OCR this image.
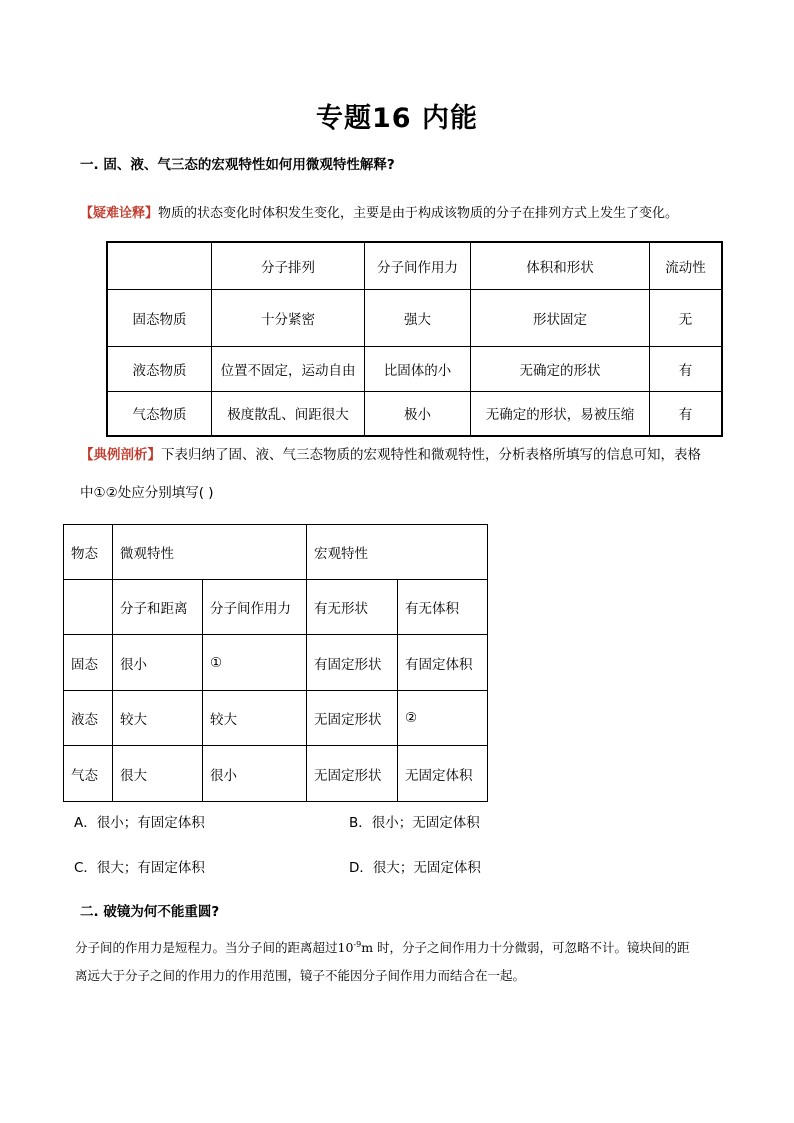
专题16 内能
一. 固、液、气三态的宏观特性如何用微观特性解释?
【疑难诠释】物质的状态变化时体积发生变化，主要是由于构成该物质的分子在排列方式上发生了变化。
	分子排列	分子间作用力	体积和形状	流动性
固态物质	十分紧密	强大	形状固定	无
液态物质	位置不固定，运动自由	比固体的小	无确定的形状	有
气态物质	极度散乱、间距很大	极小	无确定的形状，易被压缩	有
【典例剖析】下表归纳了固、液、气三态物质的宏观特性和微观特性，分析表格所填写的信息可知，表格
中①②处应分别填写( )
物态	微观特性		宏观特性	
	分子和距离	分子间作用力	有无形状	有无体积
固态	很小	①	有固定形状	有固定体积
液态	较大	较大	无固定形状	②
气态	很大	很小	无固定形状	无固定体积
A．很小；有固定体积	B．很小；无固定体积
C．很大；有固定体积	D．很大；无固定体积
二. 破镜为何不能重圆?
分子间的作用力是短程力。当分子间的距离超过$10^{-9}m$ 时，分子之间作用力十分微弱，可忽略不计。镜块间的距
离远大于分子之间的作用力的作用范围，镜子不能因分子间作用力而结合在一起。
